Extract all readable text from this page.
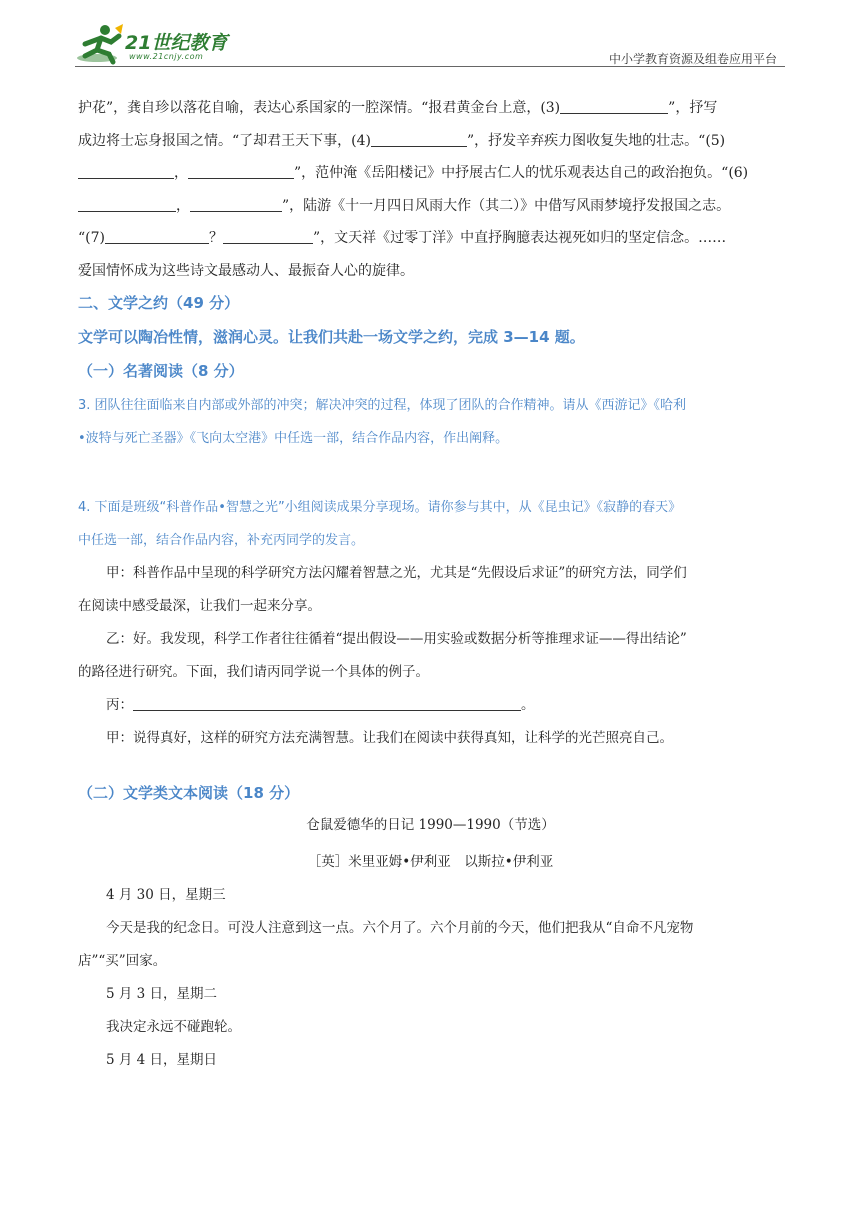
21世纪教育
www.21cnjy.com	中小学教育资源及组卷应用平台

护花”，龚自珍以落花自喻，表达心系国家的一腔深情。“报君黄金台上意，(3)	”，抒写

成边将士忘身报国之情。“了却君王天下事，(4)	”，抒发辛弃疾力图收复失地的壮志。“(5)

，	”，范仲淹《岳阳楼记》中抒展古仁人的忧乐观表达自己的政治抱负。“(6)

，	”，陆游《十一月四日风雨大作（其二）》中借写风雨梦境抒发报国之志。

“(7)	？	”，文天祥《过零丁洋》中直抒胸臆表达视死如归的坚定信念。……

爱国情怀成为这些诗文最感动人、最振奋人心的旋律。

二、文学之约（49 分）

文学可以陶冶性情，滋润心灵。让我们共赴一场文学之约，完成 3—14 题。

（一）名著阅读（8 分）

3. 团队往往面临来自内部或外部的冲突；解决冲突的过程，体现了团队的合作精神。请从《西游记》《哈利

•波特与死亡圣器》《飞向太空港》中任选一部，结合作品内容，作出阐释。

4. 下面是班级“科普作品•智慧之光”小组阅读成果分享现场。请你参与其中，从《昆虫记》《寂静的春天》

中任选一部，结合作品内容，补充丙同学的发言。

甲：科普作品中呈现的科学研究方法闪耀着智慧之光，尤其是“先假设后求证”的研究方法，同学们

在阅读中感受最深，让我们一起来分享。

乙：好。我发现，科学工作者往往循着“提出假设——用实验或数据分析等推理求证——得出结论”

的路径进行研究。下面，我们请丙同学说一个具体的例子。

丙：	。

甲：说得真好，这样的研究方法充满智慧。让我们在阅读中获得真知，让科学的光芒照亮自己。

（二）文学类文本阅读（18 分）

仓鼠爱德华的日记 1990—1990（节选）

［英］米里亚姆•伊利亚　以斯拉•伊利亚

4 月 30 日，星期三

今天是我的纪念日。可没人注意到这一点。六个月了。六个月前的今天，他们把我从“自命不凡宠物

店”“买”回家。

5 月 3 日，星期二

我决定永远不碰跑轮。

5 月 4 日，星期日
